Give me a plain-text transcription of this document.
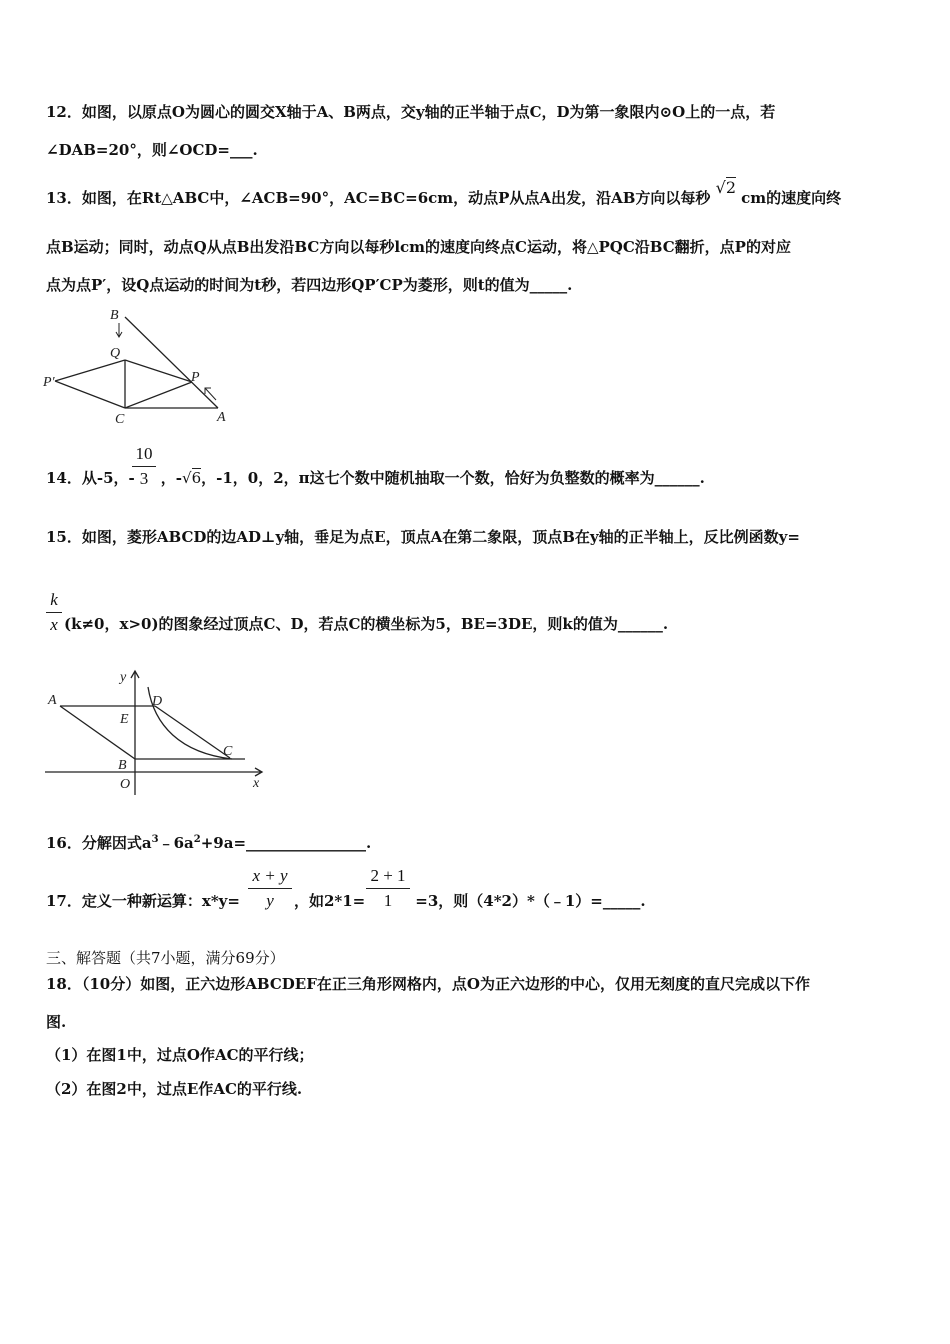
12．如图，以原点O为圆心的圆交X轴于A、B两点，交y轴的正半轴于点C，D为第一象限内⊙O上的一点，若
∠DAB=20°，则∠OCD=___.
13．如图，在Rt△ABC中，∠ACB=90°，AC=BC=6cm，动点P从点A出发，沿AB方向以每秒 √2 cm的速度向终
点B运动；同时，动点Q从点B出发沿BC方向以每秒lcm的速度向终点C运动，将△PQC沿BC翻折，点P的对应
点为点P′，设Q点运动的时间为t秒，若四边形QP′CP为菱形，则t的值为_____.
B
Q
P′	P
C	A
10
3
14．从-5，- ，-√6，-1，0，2，π这七个数中随机抽取一个数，恰好为负整数的概率为______.
15．如图，菱形ABCD的边AD⊥y轴，垂足为点E，顶点A在第二象限，顶点B在y轴的正半轴上，反比例函数y=
k
x (k≠0，x>0)的图象经过顶点C、D，若点C的横坐标为5，BE=3DE，则k的值为______.
y
A	D
E
C
B
O	x
16．分解因式$a^3﹣6a^2+9a=\_\_\_\_\_\_\_\_\_\_\_\_\_\_\_\_$.
x + y
y
2 + 1
1
17．定义一种新运算：x*y=	，如2*1=	=3，则（4*2）*（﹣1）=_____.
三、解答题（共7小题，满分69分）
18．（10分）如图，正六边形ABCDEF在正三角形网格内，点O为正六边形的中心，仅用无刻度的直尺完成以下作
图.
（1）在图1中，过点O作AC的平行线；
（2）在图2中，过点E作AC的平行线.
